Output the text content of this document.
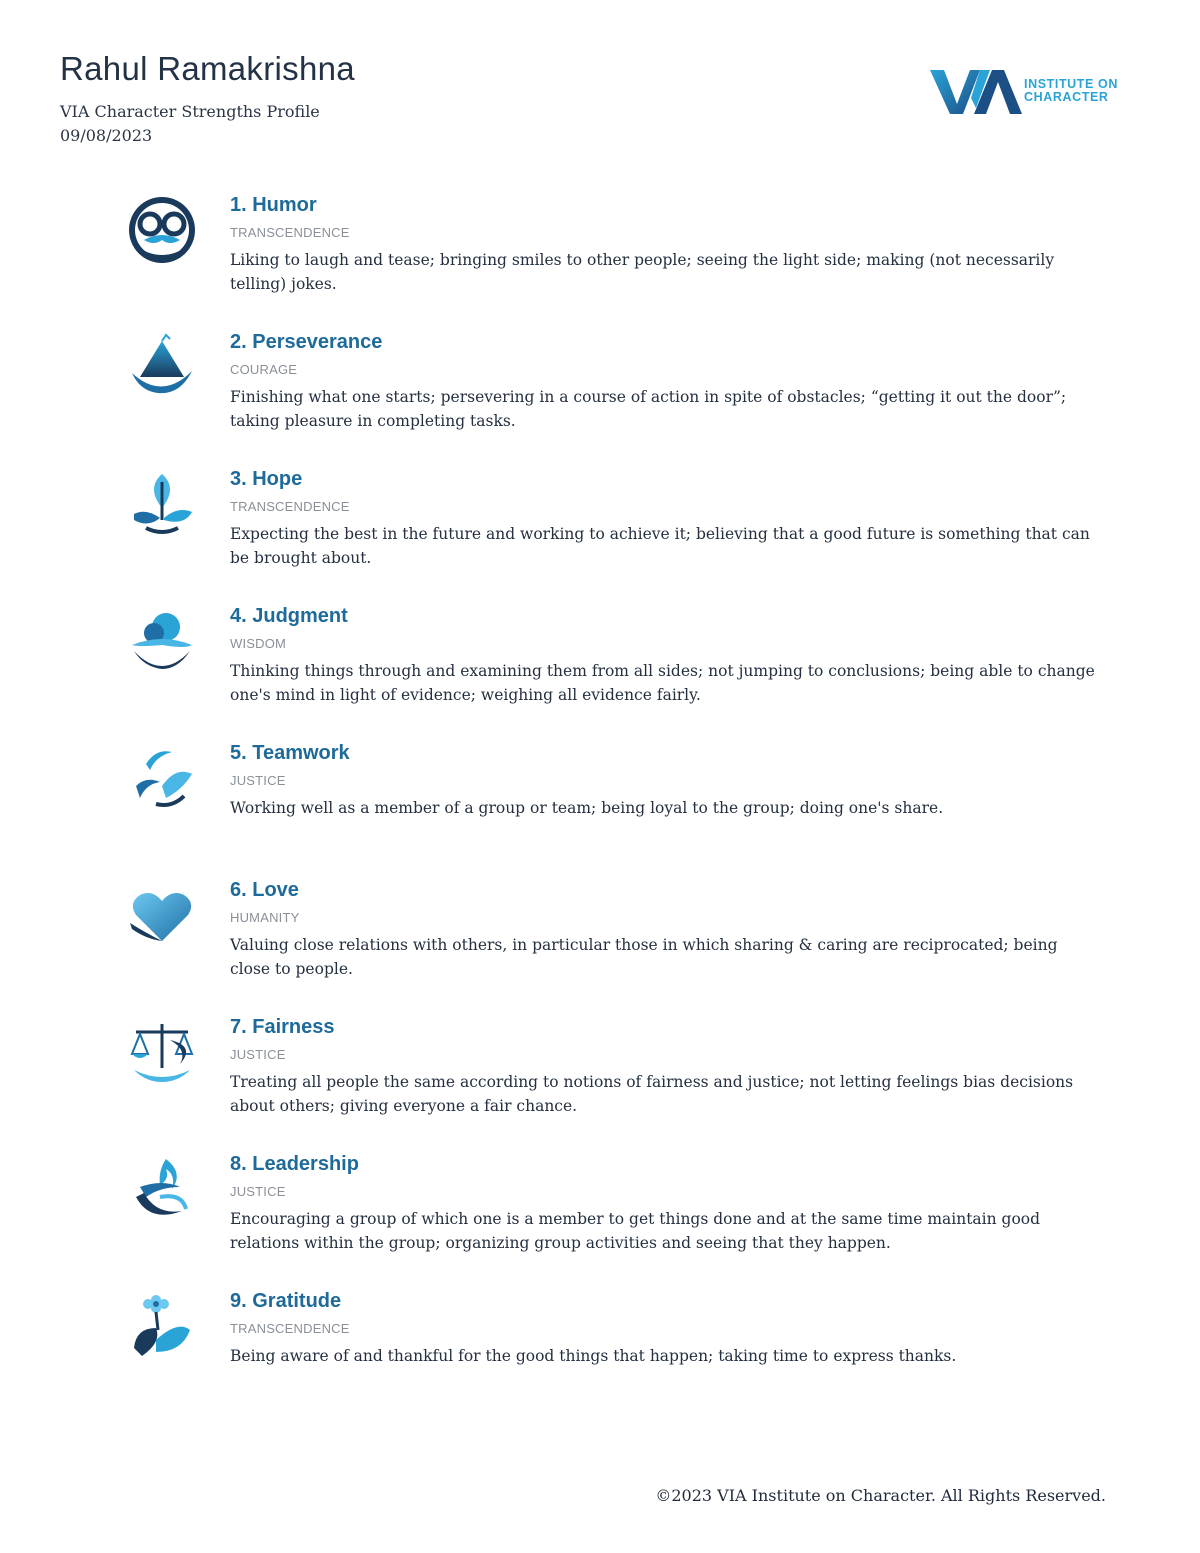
Rahul Ramakrishna
VIA Character Strengths Profile
09/08/2023
INSTITUTE ON
CHARACTER
1. Humor
TRANSCENDENCE
Liking to laugh and tease; bringing smiles to other people; seeing the light side; making (not necessarily telling) jokes.
2. Perseverance
COURAGE
Finishing what one starts; persevering in a course of action in spite of obstacles; “getting it out the door”; taking pleasure in completing tasks.
3. Hope
TRANSCENDENCE
Expecting the best in the future and working to achieve it; believing that a good future is something that can be brought about.
4. Judgment
WISDOM
Thinking things through and examining them from all sides; not jumping to conclusions; being able to change one's mind in light of evidence; weighing all evidence fairly.
5. Teamwork
JUSTICE
Working well as a member of a group or team; being loyal to the group; doing one's share.
6. Love
HUMANITY
Valuing close relations with others, in particular those in which sharing & caring are reciprocated; being close to people.
7. Fairness
JUSTICE
Treating all people the same according to notions of fairness and justice; not letting feelings bias decisions about others; giving everyone a fair chance.
8. Leadership
JUSTICE
Encouraging a group of which one is a member to get things done and at the same time maintain good relations within the group; organizing group activities and seeing that they happen.
9. Gratitude
TRANSCENDENCE
Being aware of and thankful for the good things that happen; taking time to express thanks.
©2023 VIA Institute on Character. All Rights Reserved.
